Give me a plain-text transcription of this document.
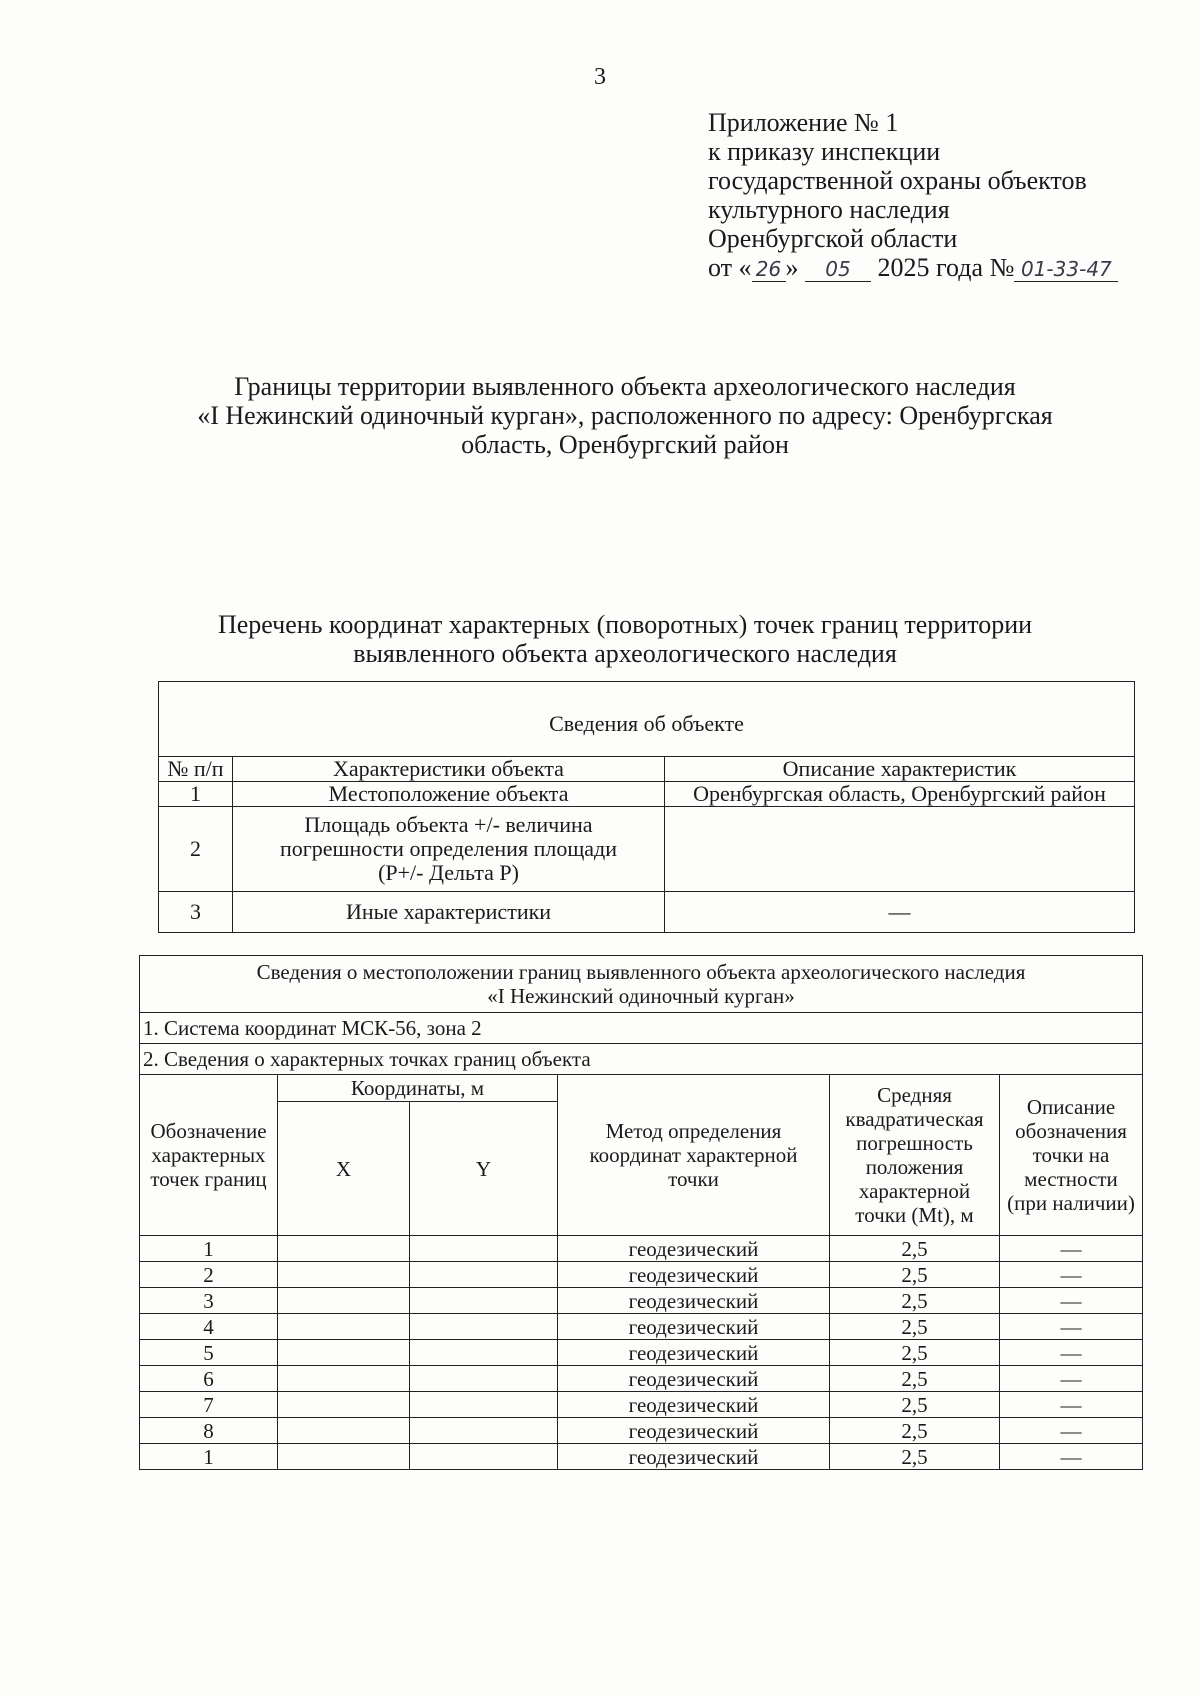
3
Приложение № 1
к приказу инспекции
государственной охраны объектов
культурного наследия
Оренбургской области
от « 26 » 05 2025 года № 01-33-47
Границы территории выявленного объекта археологического наследия
«I Нежинский одиночный курган», расположенного по адресу: Оренбургская
область, Оренбургский район
Перечень координат характерных (поворотных) точек границ территории
выявленного объекта археологического наследия
Сведения об объекте		
№ п/п	Характеристики объекта	Описание характеристик
1	Местоположение объекта	Оренбургская область, Оренбургский район
2	Площадь объекта +/- величина погрешности определения площади (P+/- Дельта P)	
3	Иные характеристики	—
Сведения о местоположении границ выявленного объекта археологического наследия
«I Нежинский одиночный курган»					

1. Система координат МСК-56, зона 2					
2. Сведения о характерных точках границ объекта					
Обозначение характерных точек границ	Координаты, м		Метод определения координат характерной точки	Средняя квадратическая погрешность положения характерной точки (Mt), м	Описание обозначения точки на местности (при наличии)
	X	Y			
1			геодезический	2,5	—
2			геодезический	2,5	—
3			геодезический	2,5	—
4			геодезический	2,5	—
5			геодезический	2,5	—
6			геодезический	2,5	—
7			геодезический	2,5	—
8			геодезический	2,5	—
1			геодезический	2,5	—
